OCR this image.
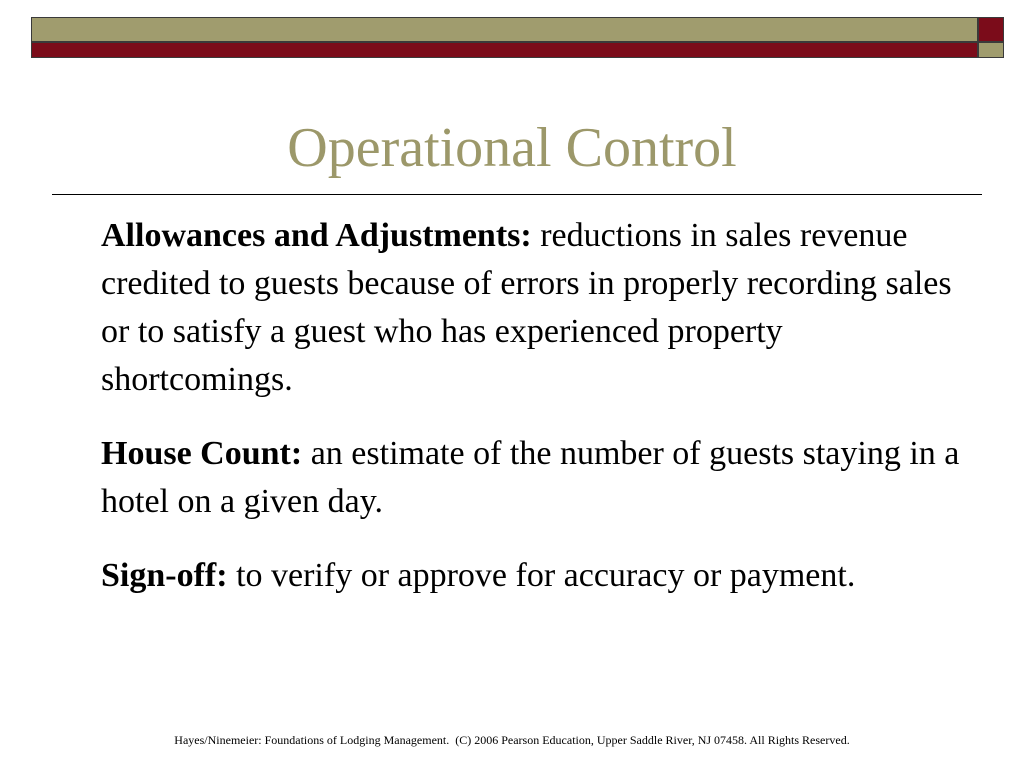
Operational Control

Allowances and Adjustments: reductions in sales revenue credited to guests because of errors in properly recording sales or to satisfy a guest who has experienced property shortcomings.

House Count: an estimate of the number of guests staying in a hotel on a given day.

Sign-off: to verify or approve for accuracy or payment.

Hayes/Ninemeier: Foundations of Lodging Management.  (C) 2006 Pearson Education, Upper Saddle River, NJ 07458. All Rights Reserved.
